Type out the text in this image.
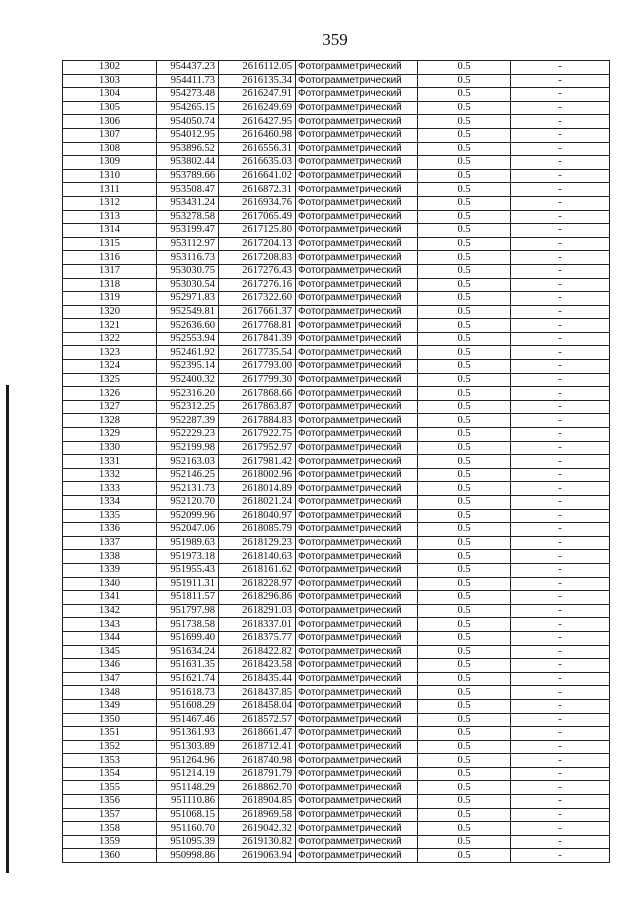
359
1302	954437.23	2616112.05	Фотограмметрический	0.5	-
1303	954411.73	2616135.34	Фотограмметрический	0.5	-
1304	954273.48	2616247.91	Фотограмметрический	0.5	-
1305	954265.15	2616249.69	Фотограмметрический	0.5	-
1306	954050.74	2616427.95	Фотограмметрический	0.5	-
1307	954012.95	2616460.98	Фотограмметрический	0.5	-
1308	953896.52	2616556.31	Фотограмметрический	0.5	-
1309	953802.44	2616635.03	Фотограмметрический	0.5	-
1310	953789.66	2616641.02	Фотограмметрический	0.5	-
1311	953508.47	2616872.31	Фотограмметрический	0.5	-
1312	953431.24	2616934.76	Фотограмметрический	0.5	-
1313	953278.58	2617065.49	Фотограмметрический	0.5	-
1314	953199.47	2617125.80	Фотограмметрический	0.5	-
1315	953112.97	2617204.13	Фотограмметрический	0.5	-
1316	953116.73	2617208.83	Фотограмметрический	0.5	-
1317	953030.75	2617276.43	Фотограмметрический	0.5	-
1318	953030.54	2617276.16	Фотограмметрический	0.5	-
1319	952971.83	2617322.60	Фотограмметрический	0.5	-
1320	952549.81	2617661.37	Фотограмметрический	0.5	-
1321	952636.60	2617768.81	Фотограмметрический	0.5	-
1322	952553.94	2617841.39	Фотограмметрический	0.5	-
1323	952461.92	2617735.54	Фотограмметрический	0.5	-
1324	952395.14	2617793.00	Фотограмметрический	0.5	-
1325	952400.32	2617799.30	Фотограмметрический	0.5	-
1326	952316.20	2617868.66	Фотограмметрический	0.5	-
1327	952312.25	2617863.87	Фотограмметрический	0.5	-
1328	952287.39	2617884.83	Фотограмметрический	0.5	-
1329	952229.23	2617922.75	Фотограмметрический	0.5	-
1330	952199.98	2617952.97	Фотограмметрический	0.5	-
1331	952163.03	2617981.42	Фотограмметрический	0.5	-
1332	952146.25	2618002.96	Фотограмметрический	0.5	-
1333	952131.73	2618014.89	Фотограмметрический	0.5	-
1334	952120.70	2618021.24	Фотограмметрический	0.5	-
1335	952099.96	2618040.97	Фотограмметрический	0.5	-
1336	952047.06	2618085.79	Фотограмметрический	0.5	-
1337	951989.63	2618129.23	Фотограмметрический	0.5	-
1338	951973.18	2618140.63	Фотограмметрический	0.5	-
1339	951955.43	2618161.62	Фотограмметрический	0.5	-
1340	951911.31	2618228.97	Фотограмметрический	0.5	-
1341	951811.57	2618296.86	Фотограмметрический	0.5	-
1342	951797.98	2618291.03	Фотограмметрический	0.5	-
1343	951738.58	2618337.01	Фотограмметрический	0.5	-
1344	951699.40	2618375.77	Фотограмметрический	0.5	-
1345	951634.24	2618422.82	Фотограмметрический	0.5	-
1346	951631.35	2618423.58	Фотограмметрический	0.5	-
1347	951621.74	2618435.44	Фотограмметрический	0.5	-
1348	951618.73	2618437.85	Фотограмметрический	0.5	-
1349	951608.29	2618458.04	Фотограмметрический	0.5	-
1350	951467.46	2618572.57	Фотограмметрический	0.5	-
1351	951361.93	2618661.47	Фотограмметрический	0.5	-
1352	951303.89	2618712.41	Фотограмметрический	0.5	-
1353	951264.96	2618740.98	Фотограмметрический	0.5	-
1354	951214.19	2618791.79	Фотограмметрический	0.5	-
1355	951148.29	2618862.70	Фотограмметрический	0.5	-
1356	951110.86	2618904.85	Фотограмметрический	0.5	-
1357	951068.15	2618969.58	Фотограмметрический	0.5	-
1358	951160.70	2619042.32	Фотограмметрический	0.5	-
1359	951095.39	2619130.82	Фотограмметрический	0.5	-
1360	950998.86	2619063.94	Фотограмметрический	0.5	-
